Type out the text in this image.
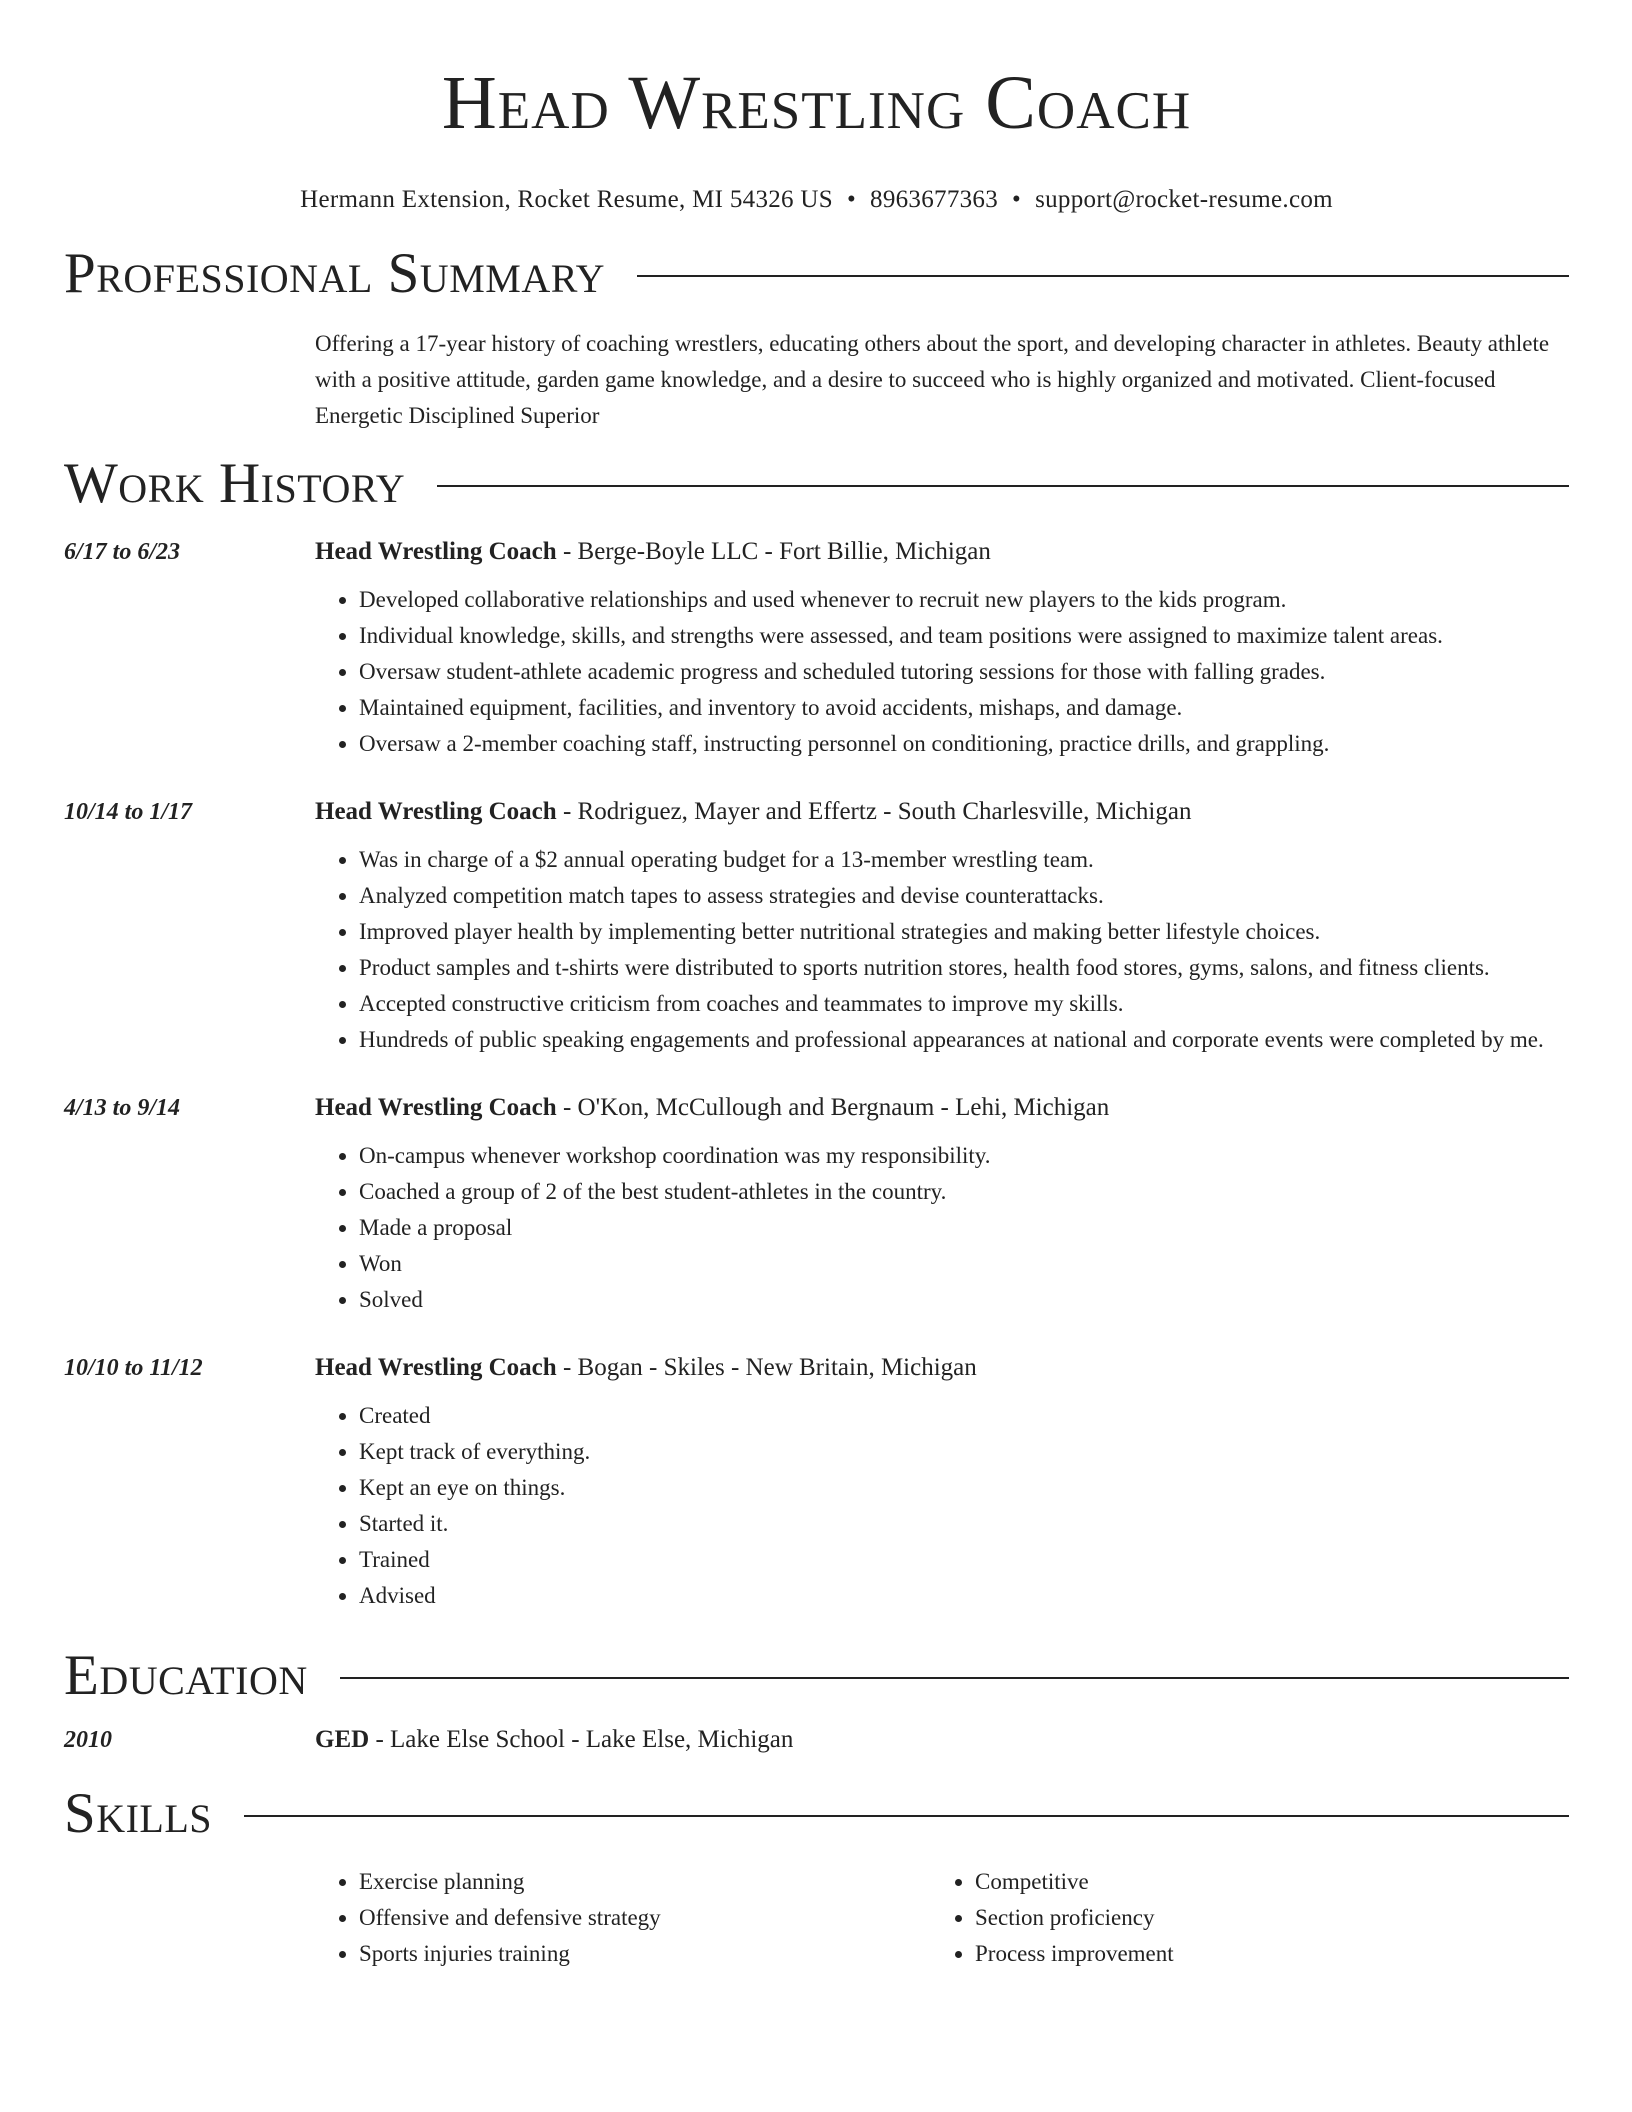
Head Wrestling Coach
Hermann Extension, Rocket Resume, MI 54326 US • 8963677363 • support@rocket-resume.com
Professional Summary
Offering a 17-year history of coaching wrestlers, educating others about the sport, and developing character in athletes. Beauty athlete with a positive attitude, garden game knowledge, and a desire to succeed who is highly organized and motivated. Client-focused Energetic Disciplined Superior
Work History
6/17 to 6/23	Head Wrestling Coach - Berge-Boyle LLC - Fort Billie, Michigan
• Developed collaborative relationships and used whenever to recruit new players to the kids program.
• Individual knowledge, skills, and strengths were assessed, and team positions were assigned to maximize talent areas.
• Oversaw student-athlete academic progress and scheduled tutoring sessions for those with falling grades.
• Maintained equipment, facilities, and inventory to avoid accidents, mishaps, and damage.
• Oversaw a 2-member coaching staff, instructing personnel on conditioning, practice drills, and grappling.
10/14 to 1/17	Head Wrestling Coach - Rodriguez, Mayer and Effertz - South Charlesville, Michigan
• Was in charge of a $2 annual operating budget for a 13-member wrestling team.
• Analyzed competition match tapes to assess strategies and devise counterattacks.
• Improved player health by implementing better nutritional strategies and making better lifestyle choices.
• Product samples and t-shirts were distributed to sports nutrition stores, health food stores, gyms, salons, and fitness clients.
• Accepted constructive criticism from coaches and teammates to improve my skills.
• Hundreds of public speaking engagements and professional appearances at national and corporate events were completed by me.
4/13 to 9/14	Head Wrestling Coach - O'Kon, McCullough and Bergnaum - Lehi, Michigan
• On-campus whenever workshop coordination was my responsibility.
• Coached a group of 2 of the best student-athletes in the country.
• Made a proposal
• Won
• Solved
10/10 to 11/12	Head Wrestling Coach - Bogan - Skiles - New Britain, Michigan
• Created
• Kept track of everything.
• Kept an eye on things.
• Started it.
• Trained
• Advised
Education
2010	GED - Lake Else School - Lake Else, Michigan
Skills
• Exercise planning
• Offensive and defensive strategy
• Sports injuries training
• Competitive
• Section proficiency
• Process improvement
